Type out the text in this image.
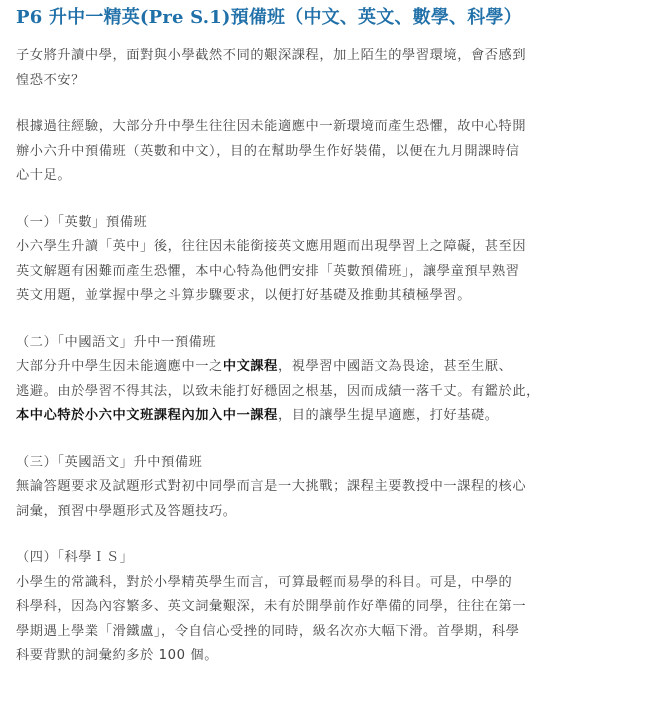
P6 升中一精英(Pre S.1)預備班（中文、英文、數學、科學）
子女將升讀中學，面對與小學截然不同的艱深課程，加上陌生的學習環境，會否感到
惶恐不安？
根據過往經驗，大部分升中學生往往因未能適應中一新環境而產生恐懼，故中心特開
辦小六升中預備班（英數和中文），目的在幫助學生作好裝備，以便在九月開課時信
心十足。
（一）「英數」預備班
小六學生升讀「英中」後，往往因未能銜接英文應用題而出現學習上之障礙，甚至因
英文解題有困難而產生恐懼，本中心特為他們安排「英數預備班」，讓學童預早熟習
英文用題，並掌握中學之斗算步驟要求，以便打好基礎及推動其積極學習。
（二）「中國語文」升中一預備班
大部分升中學生因未能適應中一之中文課程，視學習中國語文為畏途，甚至生厭、
逃避。由於學習不得其法，以致未能打好穩固之根基，因而成績一落千丈。有鑑於此，
本中心特於小六中文班課程內加入中一課程，目的讓學生提早適應，打好基礎。
（三）「英國語文」升中預備班
無論答題要求及試題形式對初中同學而言是一大挑戰；課程主要教授中一課程的核心
詞彙，預習中學題形式及答題技巧。
（四）「科學ＩＳ」
小學生的常識科，對於小學精英學生而言，可算最輕而易學的科目。可是，中學的
科學科，因為內容繁多、英文詞彙艱深，未有於開學前作好準備的同學，往往在第一
學期遇上學業「滑鐵盧」，令自信心受挫的同時，級名次亦大幅下滑。首學期，科學
科要背默的詞彙約多於 100 個。
